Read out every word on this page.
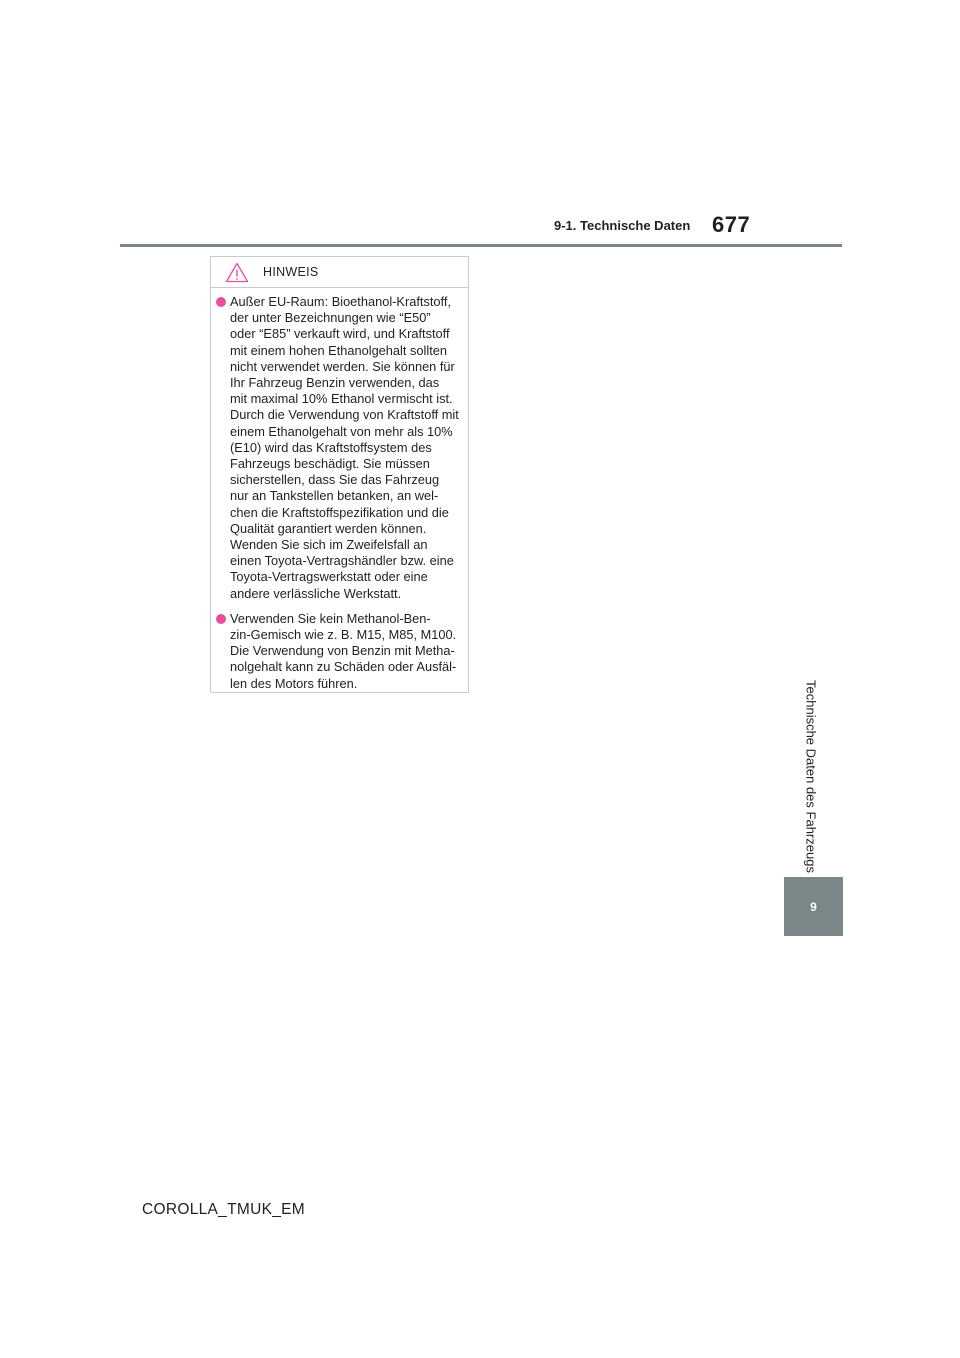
9-1. Technische Daten 677
Technische Daten des Fahrzeugs
9
HINWEIS
Außer EU-Raum: Bioethanol-Kraftstoff,
der unter Bezeichnungen wie “E50”
oder “E85” verkauft wird, und Kraftstoff
mit einem hohen Ethanolgehalt sollten
nicht verwendet werden. Sie können für
Ihr Fahrzeug Benzin verwenden, das
mit maximal 10% Ethanol vermischt ist.
Durch die Verwendung von Kraftstoff mit
einem Ethanolgehalt von mehr als 10%
(E10) wird das Kraftstoffsystem des
Fahrzeugs beschädigt. Sie müssen
sicherstellen, dass Sie das Fahrzeug
nur an Tankstellen betanken, an wel-
chen die Kraftstoffspezifikation und die
Qualität garantiert werden können.
Wenden Sie sich im Zweifelsfall an
einen Toyota-Vertragshändler bzw. eine
Toyota-Vertragswerkstatt oder eine
andere verlässliche Werkstatt.
Verwenden Sie kein Methanol-Ben-
zin-Gemisch wie z. B. M15, M85, M100.
Die Verwendung von Benzin mit Metha-
nolgehalt kann zu Schäden oder Ausfäl-
len des Motors führen.
COROLLA_TMUK_EM
